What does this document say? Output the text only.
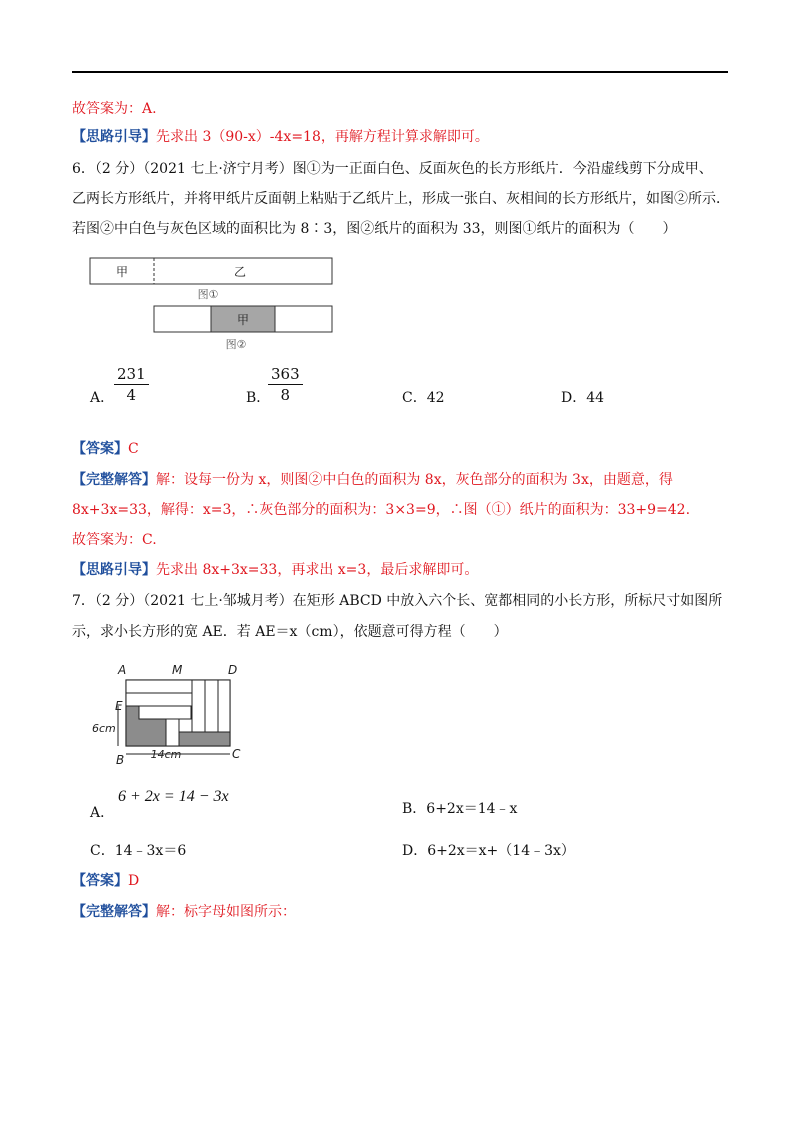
故答案为：A.
【思路引导】先求出 3（90-x）-4x=18，再解方程计算求解即可。
6．（2 分）（2021 七上·济宁月考）图①为一正面白色、反面灰色的长方形纸片．今沿虚线剪下分成甲、
乙两长方形纸片，并将甲纸片反面朝上粘贴于乙纸片上，形成一张白、灰相间的长方形纸片，如图②所示．
若图②中白色与灰色区域的面积比为 8∶3，图②纸片的面积为 33，则图①纸片的面积为（　　）
甲	乙
图①
甲
图②
A． $\frac{231}{4}$	B．
$\frac{363}{8}$	C．42	D．44
【答案】C
【完整解答】解：设每一份为 x，则图②中白色的面积为 8x，灰色部分的面积为 3x，由题意，得
8x+3x=33，解得：x=3，∴灰色部分的面积为：3×3=9，∴图（①）纸片的面积为：33+9=42.
故答案为：C.
【思路引导】先求出 8x+3x=33，再求出 x=3，最后求解即可。
7．（2 分）（2021 七上·邹城月考）在矩形 ABCD 中放入六个长、宽都相同的小长方形，所标尺寸如图所
示，求小长方形的宽 AE．若 AE＝x（cm），依题意可得方程（　　）
A	M	D
E
B	C
6cm
14cm
A．
6 + 2x = 14 − 3x
B．6+2x＝14﹣x
C．14﹣3x＝6	D．6+2x＝x+（14﹣3x）
【答案】D
【完整解答】解：标字母如图所示：
